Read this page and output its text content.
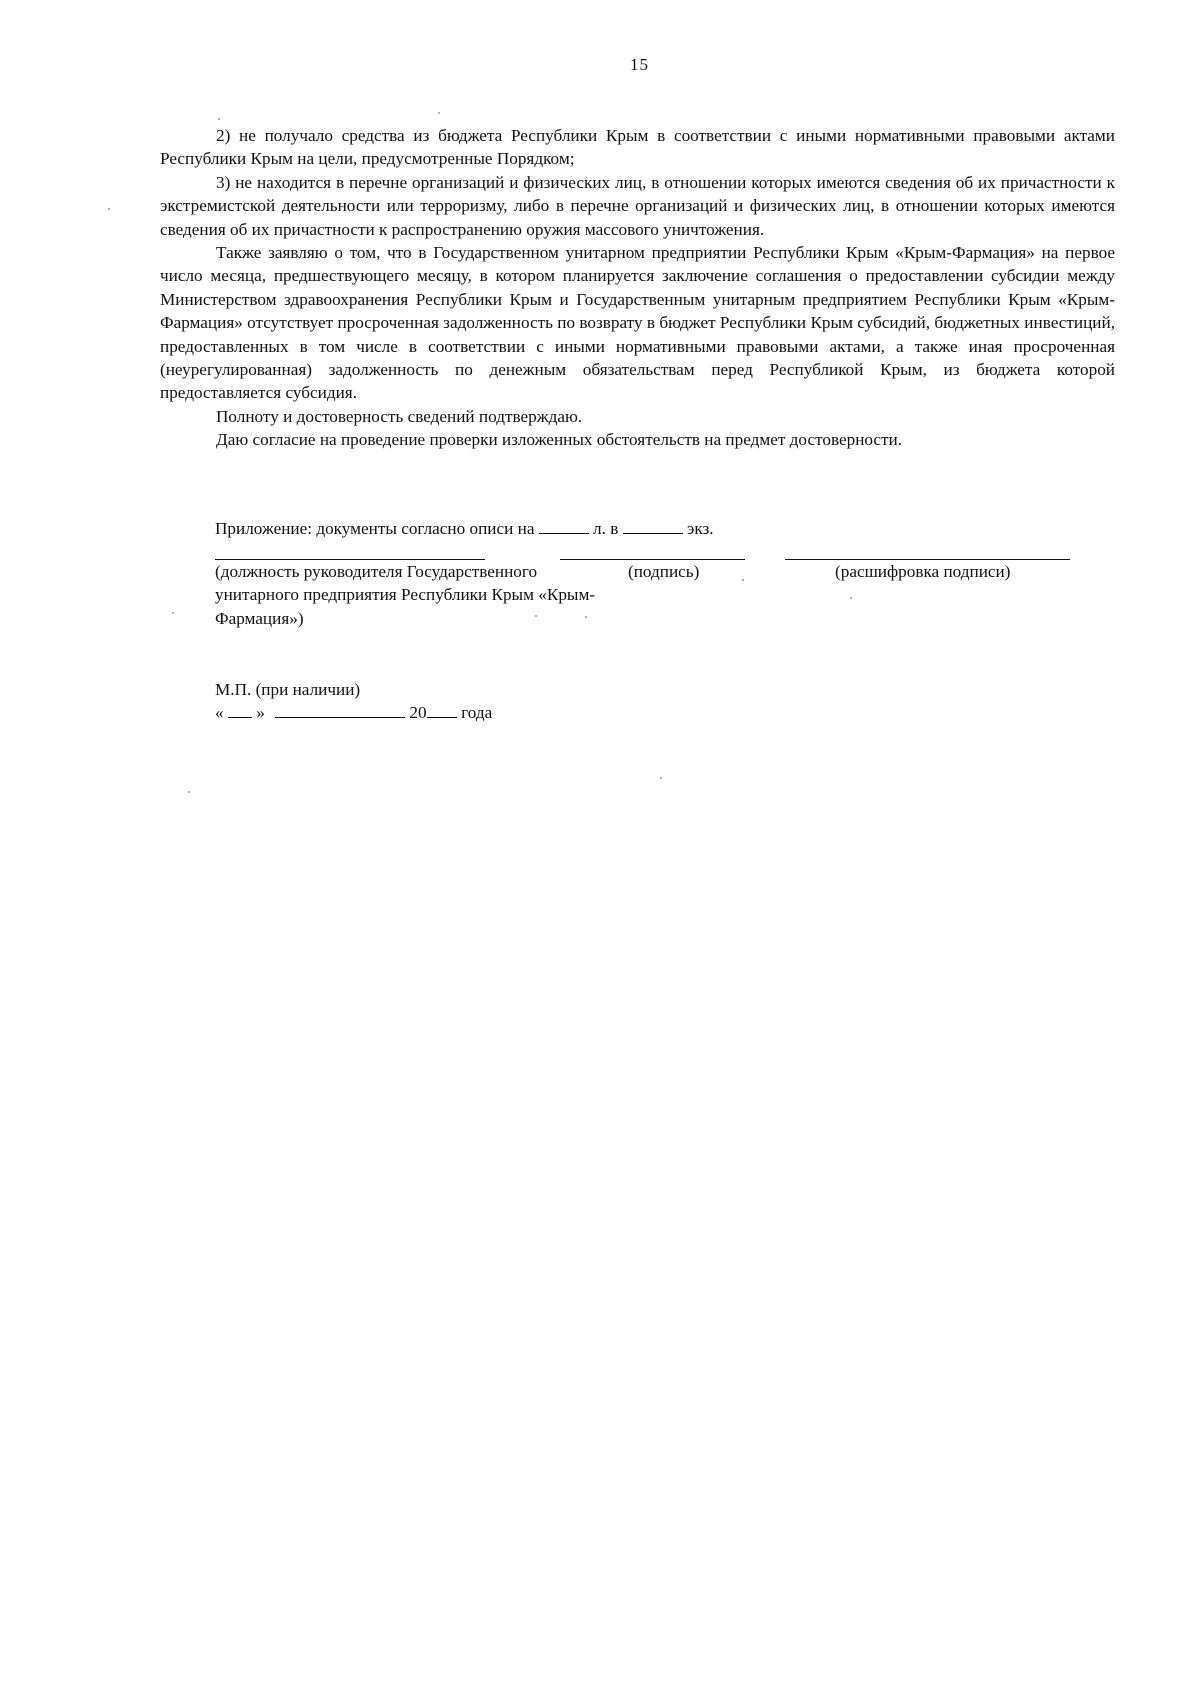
15

2) не получало средства из бюджета Республики Крым в соответствии с иными нормативными правовыми актами Республики Крым на цели, предусмотренные Порядком;

3) не находится в перечне организаций и физических лиц, в отношении которых имеются сведения об их причастности к экстремистской деятельности или терроризму, либо в перечне организаций и физических лиц, в отношении которых имеются сведения об их причастности к распространению оружия массового уничтожения.

Также заявляю о том, что в Государственном унитарном предприятии Республики Крым «Крым-Фармация» на первое число месяца, предшествующего месяцу, в котором планируется заключение соглашения о предоставлении субсидии между Министерством здравоохранения Республики Крым и Государственным унитарным предприятием Республики Крым «Крым-Фармация» отсутствует просроченная задолженность по возврату в бюджет Республики Крым субсидий, бюджетных инвестиций, предоставленных в том числе в соответствии с иными нормативными правовыми актами, а также иная просроченная (неурегулированная) задолженность по денежным обязательствам перед Республикой Крым, из бюджета которой предоставляется субсидия.

Полноту и достоверность сведений подтверждаю.

Даю согласие на проведение проверки изложенных обстоятельств на предмет достоверности.

Приложение: документы согласно описи на	л. в	экз.
(должность руководителя Государственного унитарного предприятия Республики Крым «Крым-Фармация»)
(подпись)	(расшифровка подписи)
М.П. (при наличии)
« »	20 года
